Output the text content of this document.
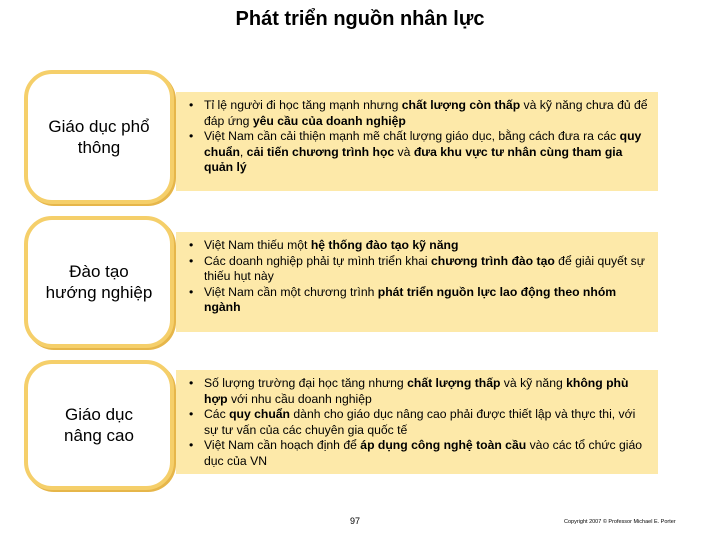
Phát triển nguồn nhân lực
Giáo dục phổ
thông
• Tỉ lệ người đi học tăng mạnh nhưng chất lượng còn thấp và kỹ năng chưa đủ để đáp ứng yêu cầu của doanh nghiệp
• Việt Nam cần cải thiện mạnh mẽ chất lượng giáo dục, bằng cách đưa ra các quy chuẩn, cải tiến chương trình học và đưa khu vực tư nhân cùng tham gia quản lý
Đào tạo
hướng nghiệp
• Việt Nam thiếu một hệ thống đào tạo kỹ năng
• Các doanh nghiệp phải tự mình triển khai chương trình đào tạo để giải quyết sự thiếu hụt này
• Việt Nam cần một chương trình phát triển nguồn lực lao động theo nhóm ngành
Giáo dục
nâng cao
• Số lượng trường đại học tăng nhưng chất lượng thấp và kỹ năng không phù hợp với nhu cầu doanh nghiệp
• Các quy chuẩn dành cho giáo dục nâng cao phải được thiết lập và thực thi, với sự tư vấn của các chuyên gia quốc tế
• Việt Nam cần hoạch định để áp dụng công nghệ toàn cầu vào các tổ chức giáo dục của VN
97	Copyright 2007 © Professor Michael E. Porter
